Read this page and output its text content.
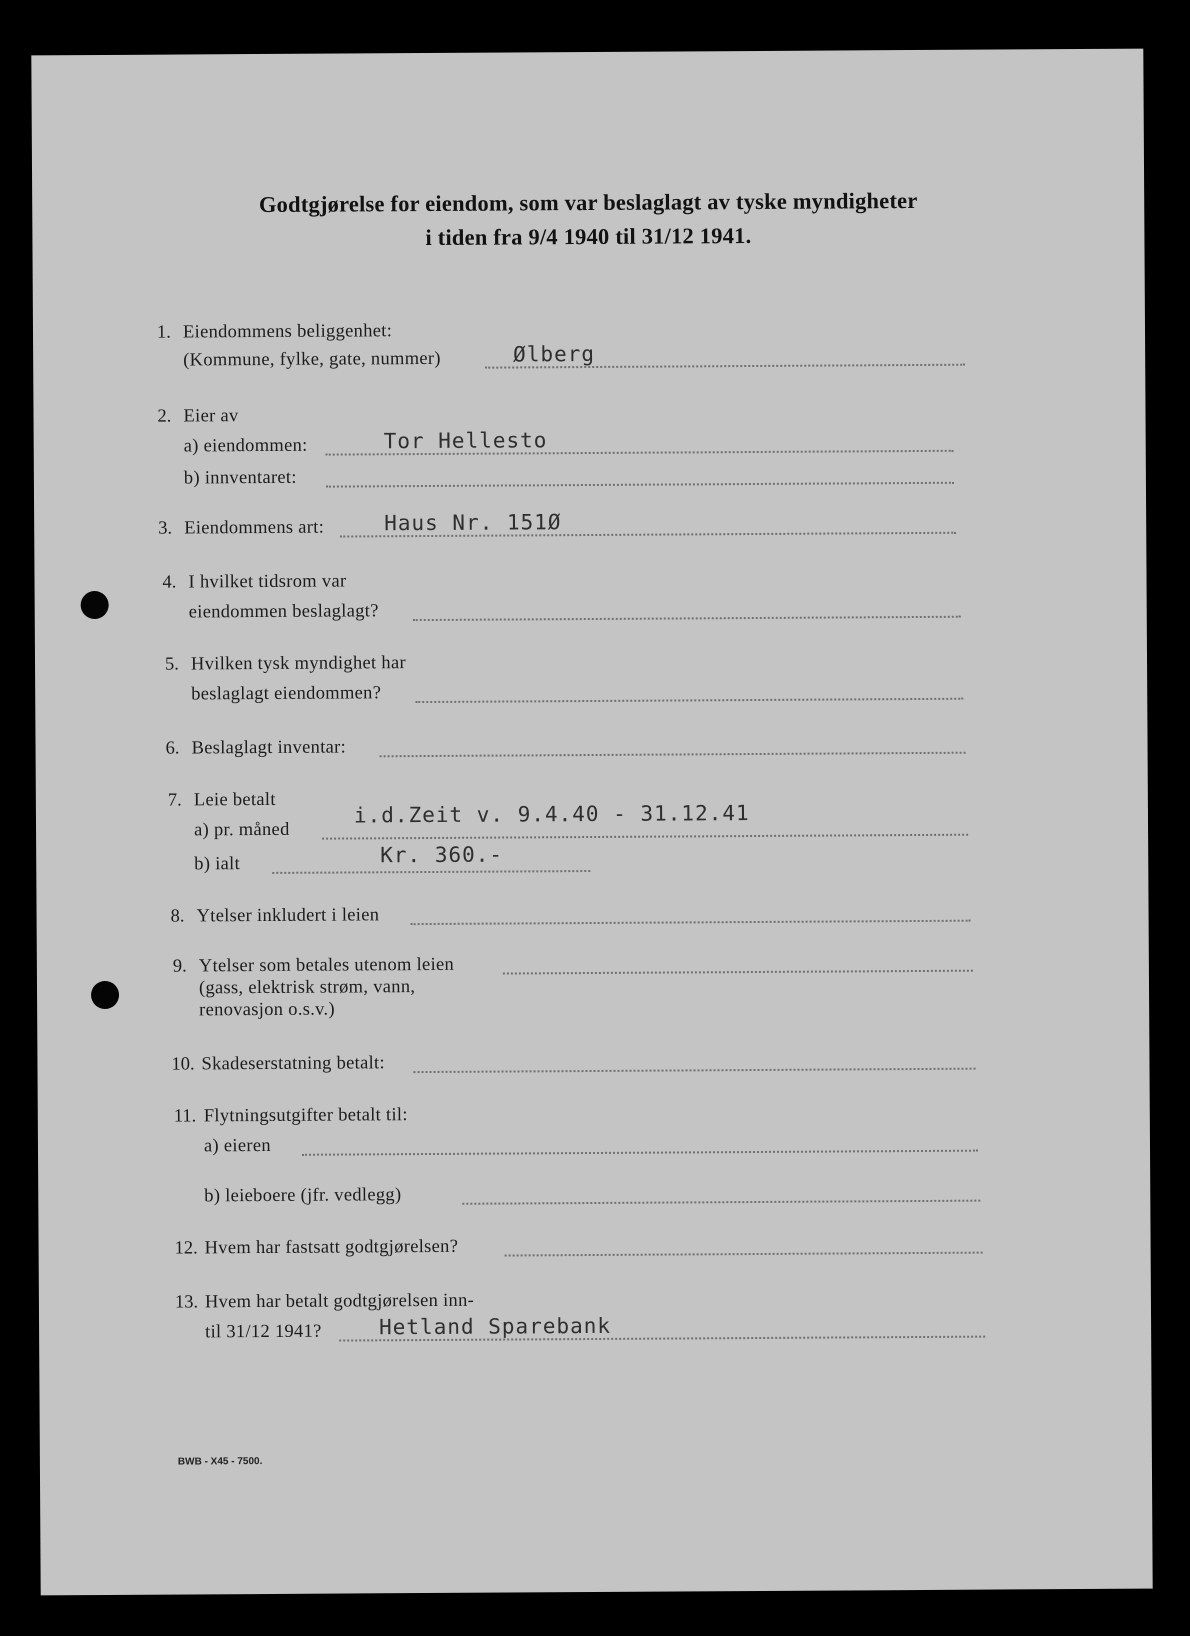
Godtgjørelse for eiendom, som var beslaglagt av tyske myndigheter
i tiden fra 9/4 1940 til 31/12 1941.
1. Eiendommens beliggenhet:
(Kommune, fylke, gate, nummer)	Ølberg
2. Eier av
a) eiendommen:	Tor Hellesto
b) innventaret:
3. Eiendommens art:	Haus Nr. 151Ø
4. I hvilket tidsrom var
eiendommen beslaglagt?
5. Hvilken tysk myndighet har
beslaglagt eiendommen?
6. Beslaglagt inventar:
7. Leie betalt
a) pr. måned
i.d.Zeit v. 9.4.40 - 31.12.41
b) ialt	Kr. 360.-
8. Ytelser inkludert i leien
9. Ytelser som betales utenom leien
(gass, elektrisk strøm, vann,
renovasjon o.s.v.)
10. Skadeserstatning betalt:
11. Flytningsutgifter betalt til:
a) eieren
b) leieboere (jfr. vedlegg)
12. Hvem har fastsatt godtgjørelsen?
13. Hvem har betalt godtgjørelsen inn-
til 31/12 1941?	Hetland Sparebank
BWB - X45 - 7500.
